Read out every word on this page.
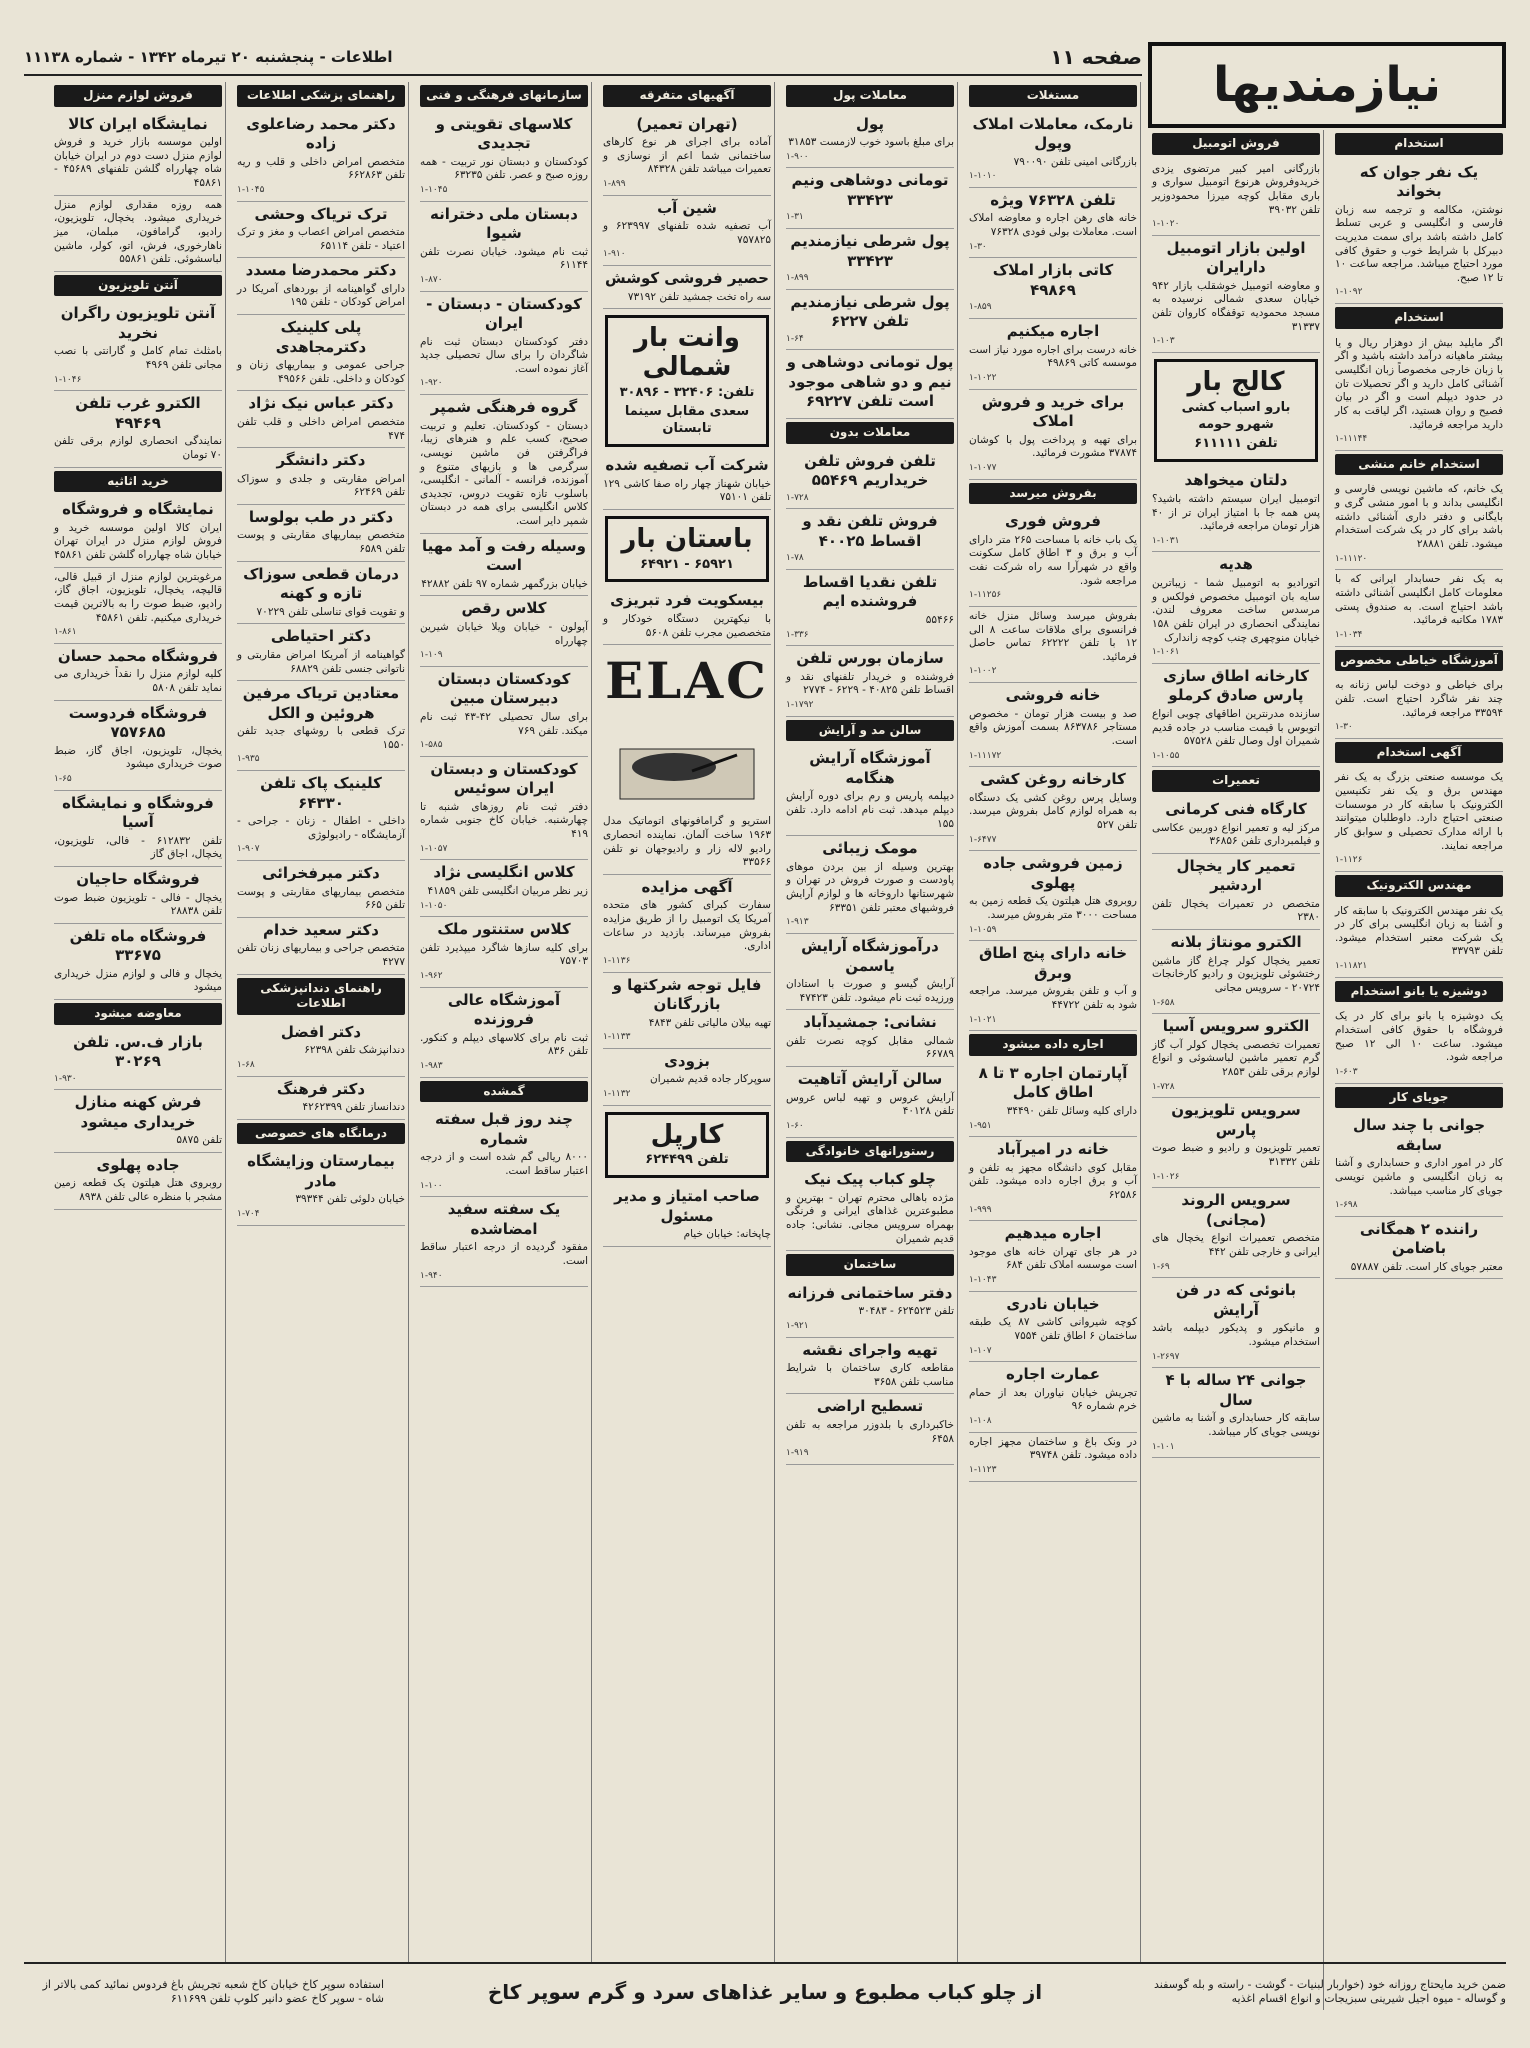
صفحه ۱۱
اطلاعات - پنجشنبه ۲۰ تیرماه ۱۳۴۲ - شماره ۱۱۱۳۸	نیازمندیها
استخدام
یک نفر جوان که بخواند
نوشتن، مکالمه و ترجمه سه زبان فارسی و انگلیسی و عربی تسلط کامل داشته باشد برای سمت مدیریت دبیرکل با شرایط خوب و حقوق کافی مورد احتیاج میباشد. مراجعه ساعت ۱۰ تا ۱۲ صبح.
۱-۱۰۹۲
استخدام
اگر مایلید بیش از دوهزار ریال و یا بیشتر ماهیانه درآمد داشته باشید و اگر با زبان خارجی مخصوصاً زبان انگلیسی آشنائی کامل دارید و اگر تحصیلات تان در حدود دیپلم است و اگر در بیان فصیح و روان هستید، اگر لیاقت به کار دارید مراجعه فرمائید.
۱-۱۱۱۴۴
استخدام خانم منشی
یک خانم، که ماشین نویسی فارسی و انگلیسی بداند و با امور منشی گری و بایگانی و دفتر داری آشنائی داشته باشد برای کار در یک شرکت استخدام میشود. تلفن ۲۸۸۸۱
۱-۱۱۱۲۰
به یک نفر حسابدار ایرانی که با معلومات کامل انگلیسی آشنائی داشته باشد احتیاج است. به صندوق پستی ۱۷۸۳ مکاتبه فرمائید.
۱-۱۰۳۴
آموزشگاه خیاطی مخصوص
برای خیاطی و دوخت لباس زنانه به چند نفر شاگرد احتیاج است. تلفن ۳۳۵۹۴ مراجعه فرمائید.
۱-۳۰
آگهی استخدام
یک موسسه صنعتی بزرگ به یک نفر مهندس برق و یک نفر تکنیسین الکترونیک با سابقه کار در موسسات صنعتی احتیاج دارد. داوطلبان میتوانند با ارائه مدارک تحصیلی و سوابق کار مراجعه نمایند.
۱-۱۱۲۶
مهندس الکترونیک
یک نفر مهندس الکترونیک با سابقه کار و آشنا به زبان انگلیسی برای کار در یک شرکت معتبر استخدام میشود. تلفن ۳۳۷۹۳
۱-۱۱۸۲۱
دوشیزه یا بانو استخدام
یک دوشیزه یا بانو برای کار در یک فروشگاه با حقوق کافی استخدام میشود. ساعت ۱۰ الی ۱۲ صبح مراجعه شود.
۱-۶۰۳
جویای کار
جوانی با چند سال سابقه
کار در امور اداری و حسابداری و آشنا به زبان انگلیسی و ماشین نویسی جویای کار مناسب میباشد.
۱-۶۹۸
راننده ۲ همگانی باضامن
معتبر جویای کار است. تلفن ۵۷۸۸۷
فروش اتومبیل
بازرگانی امیر کبیر مرتضوی یزدی خریدوفروش هرنوع اتومبیل سواری و باری مقابل کوچه میرزا محمودوزیر تلفن ۳۹۰۳۲
۱-۱۰۲۰
اولین بازار اتومبیل دارایران
و معاوضه اتومبیل خوشقلب بازار ۹۴۲ خیابان سعدی شمالی نرسیده به مسجد محمودیه توقفگاه کاروان تلفن ۳۱۳۳۷
۱-۱۰۳
کالج بار
بارو اسباب کشی شهرو حومه
تلفن ۶۱۱۱۱۱
دلتان میخواهد
اتومبیل ایران سیستم داشته باشید؟ پس همه جا با امتیاز ایران تر از ۴۰ هزار تومان مراجعه فرمائید.
۱-۱۰۳۱
هدیه
اتورادیو به اتومبیل شما - زیباترین سایه بان اتومبیل مخصوص فولکس و مرسدس ساخت معروف لندن. نمایندگی انحصاری در ایران تلفن ۱۵۸ خیابان منوچهری چنب کوچه زاندارک
۱-۱۰۶۱
کارخانه اطاق سازی پارس صادق کرملو
سازنده مدرنترین اطاقهای چوبی انواع اتوبوس با قیمت مناسب در جاده قدیم شمیران اول وصال تلفن ۵۷۵۲۸
۱-۱۰۵۵
تعمیرات
کارگاه فنی کرمانی
مرکز لیه و تعمیر انواع دوربین عکاسی و فیلمبرداری تلفن ۳۶۸۵۶
تعمیر کار یخچال اردشیر
متخصص در تعمیرات یخچال تلفن ۲۳۸۰
الکترو مونتاژ بلانه
تعمیر یخچال کولر چراغ گاز ماشین رختشوئی تلویزیون و رادیو کارخانجات ۲۰۷۲۴ - سرویس مجانی
۱-۶۵۸
الکترو سرویس آسیا
تعمیرات تخصصی یخچال کولر آب گاز گرم تعمیر ماشین لباسشوئی و انواع لوازم برقی تلفن ۲۸۵۳
۱-۷۲۸
سرویس تلویزیون پارس
تعمیر تلویزیون و رادیو و ضبط صوت تلفن ۳۱۳۳۲
۱-۱۰۲۶
سرویس الروند (مجانی)
متخصص تعمیرات انواع یخچال های ایرانی و خارجی تلفن ۴۴۲
۱-۶۹
بانوئی که در فن آرایش
و مانیکور و پدیکور دیپلمه باشد استخدام میشود.
۱-۲۶۹۷
جوانی ۲۴ ساله با ۴ سال
سابقه کار حسابداری و آشنا به ماشین نویسی جویای کار میباشد.
۱-۱۰۱
مستغلات
نارمک، معاملات املاک وپول
بازرگانی امینی تلفن ۷۹۰۰۹۰
۱-۱۰۱۰
تلفن ۷۶۳۲۸ ویژه
خانه های رهن اجاره و معاوضه املاک است. معاملات بولی فودی ۷۶۳۲۸
۱-۳۰
کاتی بازار املاک ۴۹۸۶۹
۱-۸۵۹
اجاره میکنیم
خانه درست برای اجاره مورد نیاز است موسسه کاتی ۴۹۸۶۹
۱-۱۰۲۲
برای خرید و فروش املاک
برای تهیه و پرداخت پول با کوشان ۳۷۸۷۴ مشورت فرمائید.
۱-۱۰۷۷
بفروش میرسد
فروش فوری
یک باب خانه با مساحت ۲۶۵ متر دارای آب و برق و ۳ اطاق کامل سکونت واقع در شهرآرا سه راه شرکت نفت مراجعه شود.
۱-۱۱۲۵۶
بفروش میرسد وسائل منزل خانه فرانسوی برای ملاقات ساعت ۸ الی ۱۲ با تلفن ۶۲۲۲۲ تماس حاصل فرمائید.
۱-۱۰۰۲
خانه فروشی
صد و بیست هزار تومان - مخصوص مستاجر ۸۶۳۷۸۶ بسمت آموزش واقع است.
۱-۱۱۱۷۲
کارخانه روغن کشی
وسایل پرس روغن کشی یک دستگاه به همراه لوازم کامل بفروش میرسد. تلفن ۵۲۷
۱-۶۴۷۷
زمین فروشی جاده پهلوی
روبروی هتل هیلتون یک قطعه زمین به مساحت ۳۰۰۰ متر بفروش میرسد.
۱-۱۰۵۹
خانه دارای پنج اطاق وبرق
و آب و تلفن بفروش میرسد. مراجعه شود به تلفن ۴۴۷۲۲
۱-۱۰۲۱
اجاره داده میشود
آپارتمان اجاره ۳ تا ۸ اطاق کامل
دارای کلیه وسائل تلفن ۳۴۴۹۰
۱-۹۵۱
خانه در امیرآباد
مقابل کوی دانشگاه مجهز به تلفن و آب و برق اجاره داده میشود. تلفن ۶۲۵۸۶
۱-۹۹۹
اجاره میدهیم
در هر جای تهران خانه های موجود است موسسه املاک تلفن ۶۸۴
۱-۱۰۴۳
خیابان نادری
کوچه شیروانی کاشی ۸۷ یک طبقه ساختمان ۶ اطاق تلفن ۷۵۵۴
۱-۱۰۷
عمارت اجاره
تجریش خیابان نیاوران بعد از حمام خرم شماره ۹۶
۱-۱۰۸
در ونک باغ و ساختمان مجهز اجاره داده میشود. تلفن ۳۹۷۴۸
۱-۱۱۲۳
معاملات پول
پول
برای مبلغ باسود خوب لازمست ۳۱۸۵۳
۱-۹۰۰
تومانی دوشاهی ونیم ۳۳۴۲۳
۱-۳۱
پول شرطی نیازمندیم ۳۳۴۲۳
۱-۸۹۹
پول شرطی نیازمندیم تلفن ۶۲۲۷
۱-۶۴
پول تومانی دوشاهی و نیم و دو شاهی موجود است تلفن ۶۹۲۲۷
معاملات بدون
تلفن فروش تلفن خریداریم ۵۵۴۶۹
۱-۷۲۸
فروش تلفن نقد و اقساط ۴۰۰۲۵
۱-۷۸
تلفن نقدیا اقساط فروشنده ایم
۵۵۴۶۶
۱-۳۳۶
سازمان بورس تلفن
فروشنده و خریدار تلفنهای نقد و اقساط تلفن ۴۰۸۲۵ - ۶۲۲۹ - ۲۷۷۴
۱-۱۷۹۲
سالن مد و آرایش
آموزشگاه آرایش هنگامه
دیپلمه پاریس و رم برای دوره آرایش دیپلم میدهد. ثبت نام ادامه دارد. تلفن ۱۵۵
مومک زیبائی
بهترین وسیله از بین بردن موهای پاودست و صورت فروش در تهران و شهرستانها داروخانه ها و لوازم آرایش فروشیهای معتبر تلفن ۶۳۳۵۱
۱-۹۱۳
درآموزشگاه آرایش یاسمن
آرایش گیسو و صورت با استادان ورزیده ثبت نام میشود. تلفن ۴۷۴۲۳
نشانی: جمشیدآباد
شمالی مقابل کوچه نصرت تلفن ۶۶۷۸۹
سالن آرایش آتاهیت
آرایش عروس و تهیه لباس عروس تلفن ۴۰۱۲۸
۱-۶۰
رستورانهای خانوادگی
چلو کباب پیک نیک
مژده باهالی محترم تهران - بهترین و مطبوعترین غذاهای ایرانی و فرنگی بهمراه سرویس مجانی. نشانی: جاده قدیم شمیران
ساختمان
دفتر ساختمانی فرزانه
تلفن ۶۲۴۵۲۳ - ۳۰۴۸۳
۱-۹۲۱
تهیه واجرای نقشه
مقاطعه کاری ساختمان با شرایط مناسب تلفن ۳۶۵۸
تسطیح اراضی
خاکبرداری با بلدوزر مراجعه به تلفن ۶۴۵۸
۱-۹۱۹
آگهیهای متفرقه
(تهران تعمیر)
آماده برای اجرای هر نوع کارهای ساختمانی شما اعم از نوسازی و تعمیرات میباشد تلفن ۸۴۳۲۸
۱-۸۹۹
شین آب
آب تصفیه شده تلفنهای ۶۲۳۹۹۷ و ۷۵۷۸۲۵
۱-۹۱۰
حصیر فروشی کوشش
سه راه تخت جمشید تلفن ۷۳۱۹۲
وانت بار شمالی
تلفن: ۳۲۴۰۶ - ۳۰۸۹۶
سعدی مقابل سینما تابستان
شرکت آب تصفیه شده
خیابان شهناز چهار راه صفا کاشی ۱۲۹ تلفن ۷۵۱۰۱
باستان بار
۶۵۹۲۱ - ۶۴۹۲۱
بیسکویت فرد تبریزی
با نیکهترین دستگاه خودکار و متخصصین مجرب تلفن ۵۶۰۸
ELAC
استریو و گرامافونهای اتوماتیک مدل ۱۹۶۳ ساخت آلمان. نماینده انحصاری رادیو لاله زار و رادیوجهان نو تلفن ۳۳۵۶۶
آگهی مزایده
سفارت کبرای کشور های متحده آمریکا یک اتومبیل را از طریق مزایده بفروش میرساند. بازدید در ساعات اداری.
۱-۱۱۳۶
فایل توجه شرکتها و بازرگانان
تهیه بیلان مالیاتی تلفن ۴۸۴۳
۱-۱۱۳۳
بزودی
سوپرکار جاده قدیم شمیران
۱-۱۱۳۲
کارپل
تلفن ۶۲۴۴۹۹
صاحب امتیاز و مدیر مسئول
چاپخانه: خیابان خیام
سازمانهای فرهنگی و فنی
کلاسهای تقویتی و تجدیدی
کودکستان و دبستان نور تربیت - همه روزه صبح و عصر. تلفن ۶۳۲۳۵
۱-۱۰۴۵
دبستان ملی دخترانه شیوا
ثبت نام میشود. خیابان نصرت تلفن ۶۱۱۴۴
۱-۸۷۰
کودکستان - دبستان - ایران
دفتر کودکستان دبستان ثبت نام شاگردان را برای سال تحصیلی جدید آغاز نموده است.
۱-۹۲۰
گروه فرهنگی شمپر
دبستان - کودکستان. تعلیم و تربیت صحیح، کسب علم و هنرهای زیبا، فراگرفتن فن ماشین نویسی، سرگرمی ها و بازیهای متنوع و آموزنده، فرانسه - آلمانی - انگلیسی، باسلوب تازه تقویت دروس، تجدیدی کلاس انگلیسی برای همه در دبستان شمپر دایر است.
وسیله رفت و آمد مهیا است
خیابان بزرگمهر شماره ۹۷ تلفن ۴۲۸۸۲
کلاس رقص
آپولون - خیابان ویلا خیابان شیرین چهارراه
۱-۱۰۹
کودکستان دبستان دبیرستان مبین
برای سال تحصیلی ۴۲-۴۳ ثبت نام میکند. تلفن ۷۶۹
۱-۵۸۵
کودکستان و دبستان ایران سوئیس
دفتر ثبت نام روزهای شنبه تا چهارشنبه. خیابان کاخ جنوبی شماره ۴۱۹
۱-۱۰۵۷
کلاس انگلیسی نژاد
زیر نظر مربیان انگلیسی تلفن ۴۱۸۵۹
۱-۱۰۵۰
کلاس ستنتور ملک
برای کلیه سازها شاگرد میپذیرد تلفن ۷۵۷۰۳
۱-۹۶۲
آموزشگاه عالی فروزنده
ثبت نام برای کلاسهای دیپلم و کنکور. تلفن ۸۳۶
۱-۹۸۳
گمشده
چند روز قبل سفته شماره
۸۰۰۰ ریالی گم شده است و از درجه اعتبار ساقط است.
۱-۱۰۰
یک سفته سفید امضاشده
مفقود گردیده از درجه اعتبار ساقط است.
۱-۹۴۰
راهنمای پزشکی اطلاعات
دکتر محمد رضاعلوی زاده
متخصص امراض داخلی و قلب و ریه تلفن ۶۶۲۸۶۳
۱-۱۰۴۵
ترک تریاک وحشی
متخصص امراض اعصاب و مغز و ترک اعتیاد - تلفن ۶۵۱۱۴
دکتر محمدرضا مسدد
دارای گواهینامه از بوردهای آمریکا در امراض کودکان - تلفن ۱۹۵
پلی کلینیک دکترمجاهدی
جراحی عمومی و بیماریهای زنان و کودکان و داخلی. تلفن ۴۹۵۶۶
دکتر عباس نیک نژاد
متخصص امراض داخلی و قلب تلفن ۴۷۴
دکتر دانشگر
امراض مقاربتی و جلدی و سوزاک تلفن ۶۲۴۶۹
دکتر در طب بولوسا
متخصص بیماریهای مقاربتی و پوست تلفن ۶۵۸۹
درمان قطعی سوزاک تازه و کهنه
و تقویت قوای تناسلی تلفن ۷۰۲۲۹
دکتر احتیاطی
گواهینامه از آمریکا امراض مقاربتی و ناتوانی جنسی تلفن ۶۸۸۲۹
معتادین تریاک مرفین هروئین و الکل
ترک قطعی با روشهای جدید تلفن ۱۵۵۰
۱-۹۳۵
کلینیک پاک تلفن ۶۴۳۳۰
داخلی - اطفال - زنان - جراحی - آزمایشگاه - رادیولوژی
۱-۹۰۷
دکتر میرفخرائی
متخصص بیماریهای مقاربتی و پوست تلفن ۶۶۵
دکتر سعید خدام
متخصص جراحی و بیماریهای زنان تلفن ۴۲۷۷
راهنمای دندانپزشکی اطلاعات
دکتر افضل
دندانپزشک تلفن ۶۲۳۹۸
۱-۶۸
دکتر فرهنگ
دندانساز تلفن ۴۲۶۲۳۹۹
درمانگاه های خصوصی
بیمارستان وزایشگاه مادر
خیابان دلوئی تلفن ۳۹۳۴۴
۱-۷۰۴
فروش لوازم منزل
نمایشگاه ایران کالا
اولین موسسه بازار خرید و فروش لوازم منزل دست دوم در ایران خیابان شاه چهارراه گلشن تلفنهای ۴۵۶۸۹ - ۴۵۸۶۱
همه روزه مقداری لوازم منزل خریداری میشود. یخچال، تلویزیون، رادیو، گرامافون، مبلمان، میز ناهارخوری، فرش، اتو، کولر، ماشین لباسشوئی. تلفن ۵۵۸۶۱
آنتن تلویزیون
آنتن تلویزیون راگران نخرید
بامثلث تمام کامل و گارانتی با نصب مجانی تلفن ۴۹۶۹
۱-۱۰۴۶
الکترو غرب تلفن ۴۹۴۶۹
نمایندگی انحصاری لوازم برقی تلفن ۷۰ تومان
خرید اثاثیه
نمایشگاه و فروشگاه
ایران کالا اولین موسسه خرید و فروش لوازم منزل در ایران تهران خیابان شاه چهارراه گلشن تلفن ۴۵۸۶۱
مرغوبترین لوازم منزل از قبیل قالی، قالیچه، یخچال، تلویزیون، اجاق گاز، رادیو، ضبط صوت را به بالاترین قیمت خریداری میکنیم. تلفن ۴۵۸۶۱
۱-۸۶۱
فروشگاه محمد حسان
کلیه لوازم منزل را نقداً خریداری می نماید تلفن ۵۸۰۸
فروشگاه فردوست ۷۵۷۶۸۵
یخچال، تلویزیون، اجاق گاز، ضبط صوت خریداری میشود
۱-۶۵
فروشگاه و نمایشگاه آسیا
تلفن ۶۱۲۸۳۲ - فالی، تلویزیون، یخچال، اجاق گاز
فروشگاه حاجیان
یخچال - فالی - تلویزیون ضبط صوت تلفن ۲۸۸۳۸
فروشگاه ماه تلفن ۳۳۶۷۵
یخچال و فالی و لوازم منزل خریداری میشود
معاوضه میشود
بازار ف.س. تلفن ۳۰۲۶۹
۱-۹۳۰
فرش کهنه منازل خریداری میشود
تلفن ۵۸۷۵
جاده پهلوی
روبروی هتل هیلتون یک قطعه زمین مشجر با منظره عالی تلفن ۸۹۳۸
ضمن خرید مایحتاج روزانه خود (خواربار لبنیات - گوشت - راسته و بله گوسفند و گوساله - میوه اجیل شیرینی سبزیجات و انواع اقسام اغذیه
از چلو کباب مطبوع و سایر غذاهای سرد و گرم سوپر کاخ
استفاده سوپر کاخ خیابان کاخ شعبه تجریش باغ فردوس نمائید کمی بالاتر از شاه - سوپر کاخ عضو دانیر کلوپ تلفن ۶۱۱۶۹۹
